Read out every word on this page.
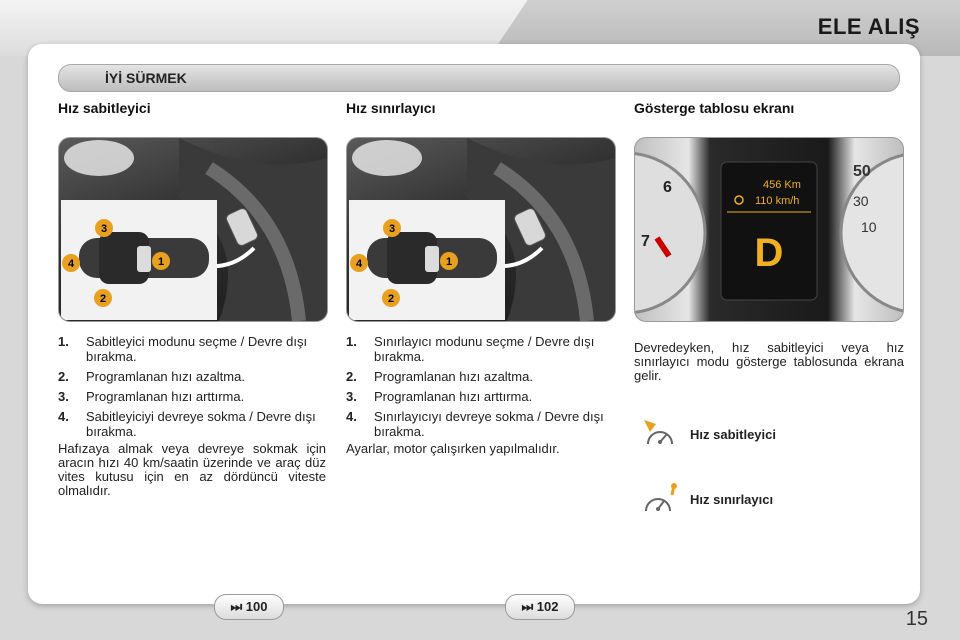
ELE ALIŞ
İYİ SÜRMEK
Hız sabitleyici
3
4	1
2
1. Sabitleyici modunu seçme / Devre dışı bırakma.
2. Programlanan hızı azaltma.
3. Programlanan hızı arttırma.
4. Sabitleyiciyi devreye sokma / Devre dışı bırakma.
Hafızaya almak veya devreye sokmak için aracın hızı 40 km/saatin üzerinde ve araç düz vites kutusu için en az dördüncü viteste olmalıdır.
Hız sınırlayıcı
3
4	1
2
1. Sınırlayıcı modunu seçme / Devre dışı bırakma.
2. Programlanan hızı azaltma.
3. Programlanan hızı arttırma.
4. Sınırlayıcıyı devreye sokma / Devre dışı bırakma.
Ayarlar, motor çalışırken yapılmalıdır.
Gösterge tablosu ekranı
6
7
50
30
10
456 Km
110 km/h
D
Devredeyken, hız sabitleyici veya hız sınırlayıcı modu gösterge tablosunda ekrana gelir.
Hız sabitleyici
Hız sınırlayıcı
⏭ 100	⏭ 102
15
